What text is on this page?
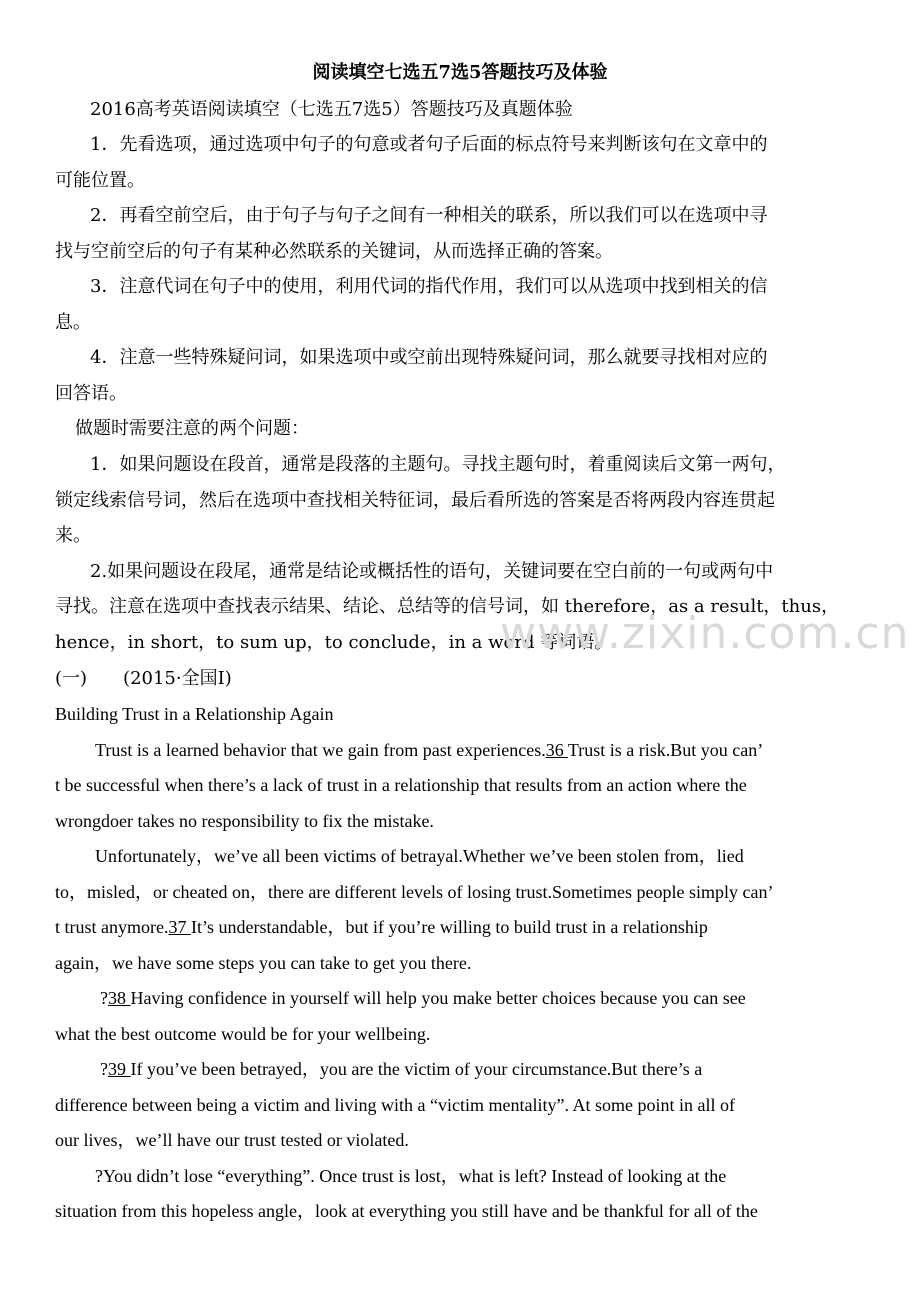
阅读填空七选五7选5答题技巧及体验
2016高考英语阅读填空（七选五7选5）答题技巧及真题体验
1．先看选项，通过选项中句子的句意或者句子后面的标点符号来判断该句在文章中的
可能位置。
2．再看空前空后，由于句子与句子之间有一种相关的联系，所以我们可以在选项中寻
找与空前空后的句子有某种必然联系的关键词，从而选择正确的答案。
3．注意代词在句子中的使用，利用代词的指代作用，我们可以从选项中找到相关的信
息。
4．注意一些特殊疑问词，如果选项中或空前出现特殊疑问词，那么就要寻找相对应的
回答语。
做题时需要注意的两个问题：
1．如果问题设在段首，通常是段落的主题句。寻找主题句时，着重阅读后文第一两句，
锁定线索信号词，然后在选项中查找相关特征词，最后看所选的答案是否将两段内容连贯起
来。
2.如果问题设在段尾，通常是结论或概括性的语句，关键词要在空白前的一句或两句中
寻找。注意在选项中查找表示结果、结论、总结等的信号词，如 therefore，as a result，thus，
hence，in short，to sum up，to conclude，in a word 等词语。
(一)　　(2015·全国Ⅰ)
Building Trust in a Relationship Again
Trust is a learned behavior that we gain from past experiences.36 Trust is a risk.But you can’
t be successful when there’s a lack of trust in a relationship that results from an action where the
wrongdoer takes no responsibility to fix the mistake.
Unfortunately，we’ve all been victims of betrayal.Whether we’ve been stolen from，lied
to，misled，or cheated on，there are different levels of losing trust.Sometimes people simply can’
t trust anymore.37 It’s understandable，but if you’re willing to build trust in a relationship
again，we have some steps you can take to get you there.
?38 Having confidence in yourself will help you make better choices because you can see
what the best outcome would be for your wellbeing.
?39 If you’ve been betrayed，you are the victim of your circumstance.But there’s a
difference between being a victim and living with a “victim mentality”. At some point in all of
our lives，we’ll have our trust tested or violated.
?You didn’t lose “everything”. Once trust is lost，what is left? Instead of looking at the
situation from this hopeless angle，look at everything you still have and be thankful for all of the
www.zixin.com.cn
